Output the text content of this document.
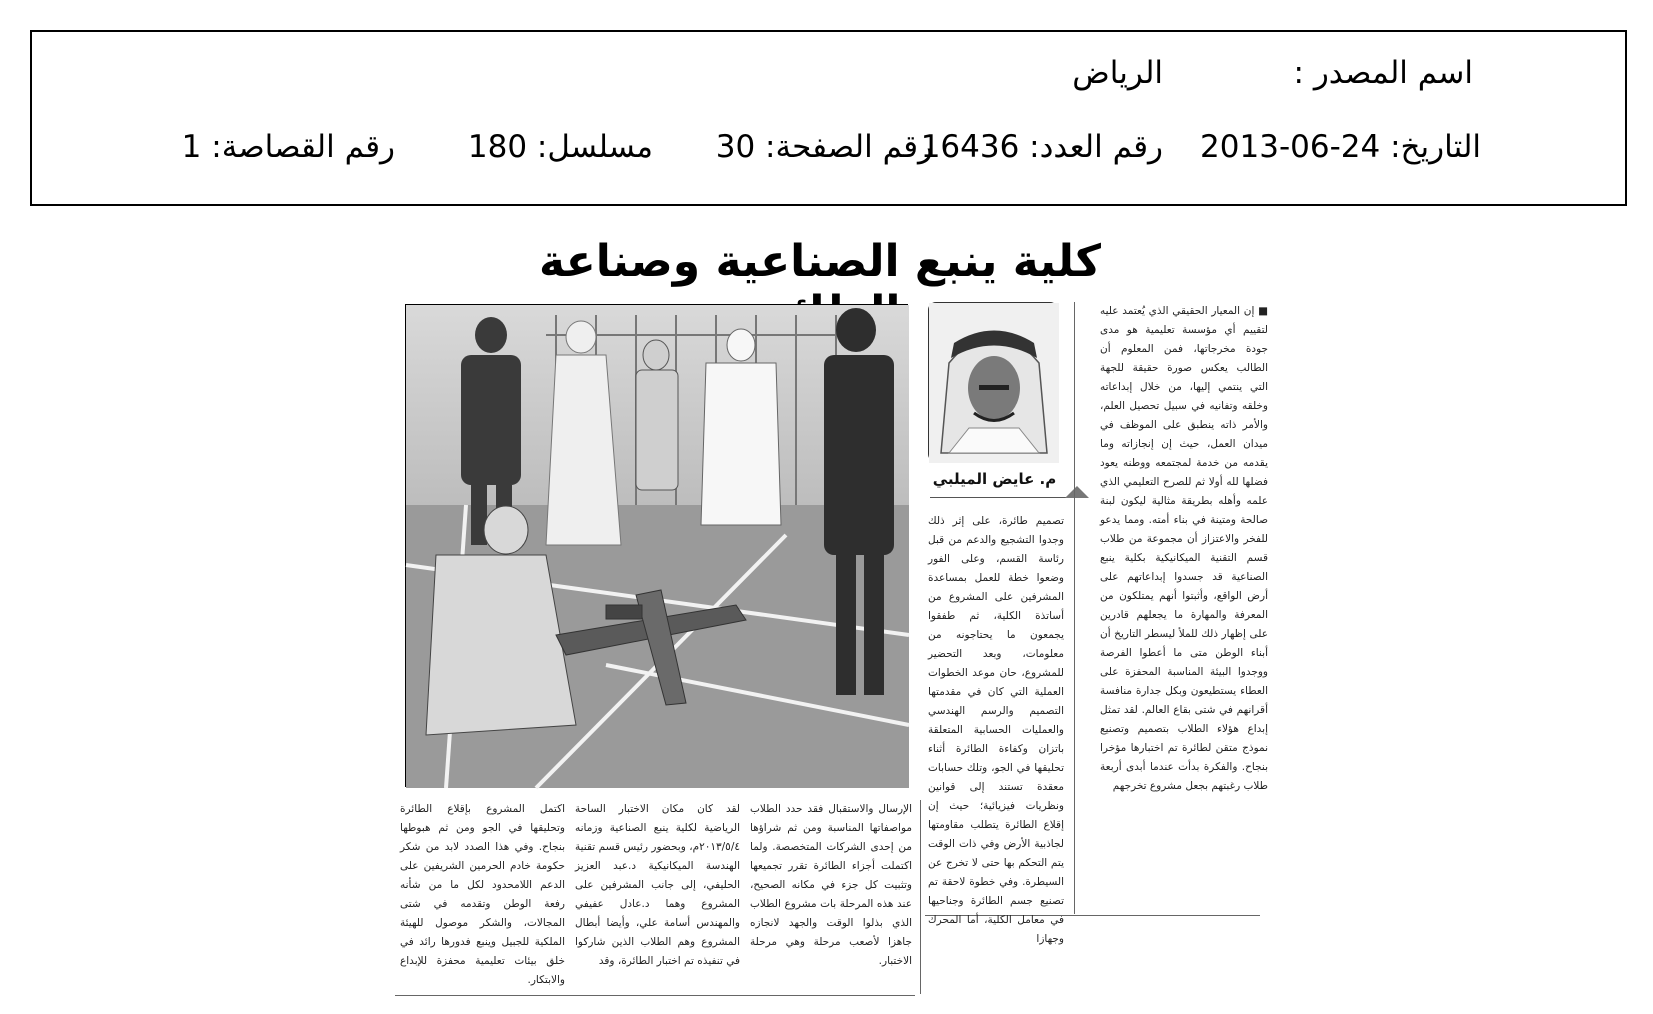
اسم المصدر :
الرياض
التاريخ: 24-06-2013
رقم العدد: 16436
رقم الصفحة: 30
مسلسل: 180
رقم القصاصة: 1
كلية ينبع الصناعية وصناعة
م. عايض الميلبي

■ إن المعيار الحقيقي الذي يُعتمد عليه لتقييم أي مؤسسة تعليمية هو مدى جودة مخرجاتها، فمن المعلوم أن الطالب يعكس صورة حقيقة للجهة التي ينتمي إليها، من خلال إبداعاته وخلقه وتفانيه في سبيل تحصيل العلم، والأمر ذاته ينطبق على الموظف في ميدان العمل، حيث إن إنجازاته وما يقدمه من خدمة لمجتمعه ووطنه يعود فضلها لله أولا ثم للصرح التعليمي الذي علمه وأهله بطريقة مثالية ليكون لبنة صالحة ومتينة في بناء أمته. ومما يدعو للفخر والاعتزاز أن مجموعة من طلاب قسم التقنية الميكانيكية بكلية ينبع الصناعية قد جسدوا إبداعاتهم على أرض الواقع، وأثبتوا أنهم يمتلكون من المعرفة والمهارة ما يجعلهم قادرين على إظهار ذلك للملأ ليسطر التاريخ أن أبناء الوطن متى ما أعطوا الفرصة ووجدوا البيئة المناسبة المحفزة على العطاء يستطيعون وبكل جدارة منافسة أقرانهم في شتى بقاع العالم. لقد تمثل إبداع هؤلاء الطلاب بتصميم وتصنيع نموذج متقن لطائرة تم اختبارها مؤخرا بنجاح. والفكرة بدأت عندما أبدى أربعة طلاب رغبتهم بجعل مشروع تخرجهم

تصميم طائرة، على إثر ذلك وجدوا التشجيع والدعم من قبل رئاسة القسم، وعلى الفور وضعوا خطة للعمل بمساعدة المشرفين على المشروع من أساتذة الكلية، ثم طفقوا يجمعون ما يحتاجونه من معلومات، وبعد التحضير للمشروع، حان موعد الخطوات العملية التي كان في مقدمتها التصميم والرسم الهندسي والعمليات الحسابية المتعلقة باتزان وكفاءة الطائرة أثناء تحليقها في الجو، وتلك حسابات معقدة تستند إلى قوانين ونظريات فيزيائية؛ حيث إن إقلاع الطائرة يتطلب مقاومتها لجاذبية الأرض وفي ذات الوقت يتم التحكم بها حتى لا تخرج عن السيطرة. وفي خطوة لاحقة تم تصنيع جسم الطائرة وجناحيها في معامل الكلية، أما المحرك وجهازا

الإرسال والاستقبال فقد حدد الطلاب مواصفاتها المناسبة ومن ثم شراؤها من إحدى الشركات المتخصصة. ولما اكتملت أجزاء الطائرة تقرر تجميعها وتثبيت كل جزء في مكانه الصحيح، عند هذه المرحلة بات مشروع الطلاب الذي بذلوا الوقت والجهد لانجازه جاهزا لأصعب مرحلة وهي مرحلة الاختبار.

لقد كان مكان الاختبار الساحة الرياضية لكلية ينبع الصناعية وزمانه ٢٠١٣/٥/٤م، وبحضور رئيس قسم تقنية الهندسة الميكانيكية د.عبد العزيز الحليفي، إلى جانب المشرفين على المشروع وهما د.عادل عفيفي والمهندس أسامة علي، وأيضا أبطال المشروع وهم الطلاب الذين شاركوا في تنفيذه تم اختبار الطائرة، وقد

اكتمل المشروع بإقلاع الطائرة وتحليقها في الجو ومن ثم هبوطها بنجاح. وفي هذا الصدد لابد من شكر حكومة خادم الحرمين الشريفين على الدعم اللامحدود لكل ما من شأنه رفعة الوطن وتقدمه في شتى المجالات، والشكر موصول للهيئة الملكية للجبيل وينبع فدورها رائد في خلق بيئات تعليمية محفزة للإبداع والابتكار.
